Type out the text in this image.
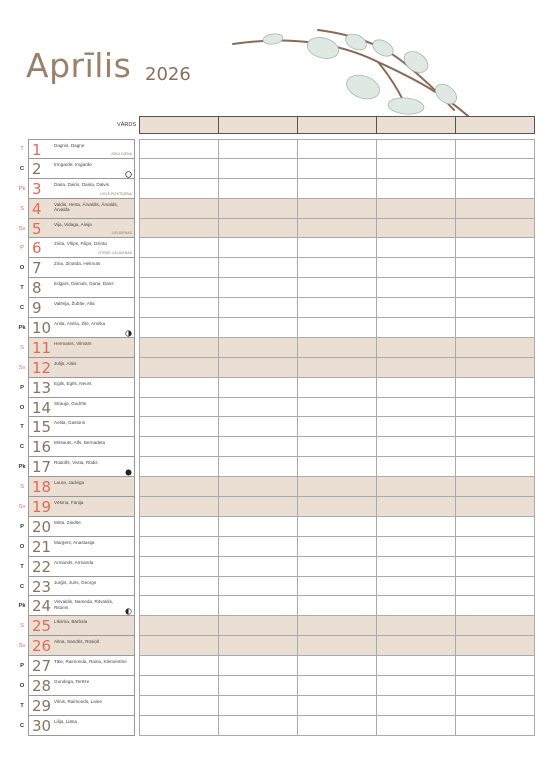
Aprīlis 2026
VĀRDS
T 1	Dagnis, Dagne
JOKU DIENA
C 2	Irmgarde, Imgarde
Pk 3	Daira, Dairis, Daina, Dalvis
LIELĀ PIEKTDIENA
S 4	Valdis, Herta, Ārvaldis, Ārvalds, Ārvalda
Sv 5	Vija, Vidaga, Aivija
LIELDIENAS
P 6	Zinta, Vīlips, Filips, Dzinta
OTRĀS LIELDIENAS
O 7	Zina, Zinaīda, Helmuts
T 8	Edgars, Dainuts, Dana, Dans
C 9	Valērija, Žubīte, Alla
Pk 10 Anita, Anitra, Zile, Annika
S 11 Hermanis, Vilmārs
Sv 12 Jūlijs, Ainis
P 13 Egils, Egīls, Neurs
O 14 Strauja, Gudrīte
T 15 Aelita, Gastons
C 16 Mintauts, Alfs, Bernadeta
Pk 17 Rūdolfs, Vivita, Rūdis
S 18 Laura, Jadviga
Sv 19 Vēsma, Fanija
P 20 Mirta, Ziedīte
O 21 Marģers, Anastasija
T 22 Armands, Armanda
C 23 Jurģis, Juris, Georgs
Pk 24 Visvaldis, Nameda, Ritvaldis, Ritums
S 25 Līksma, Bārbala
Sv 26 Alīna, Sandris, Rūsiņš
P 27 Tāle, Raimonda, Raina, Klementīne
O 28 Gundega, Terēze
T 29 Vilnis, Raimonds, Laine
C 30 Lilija, Liāna
